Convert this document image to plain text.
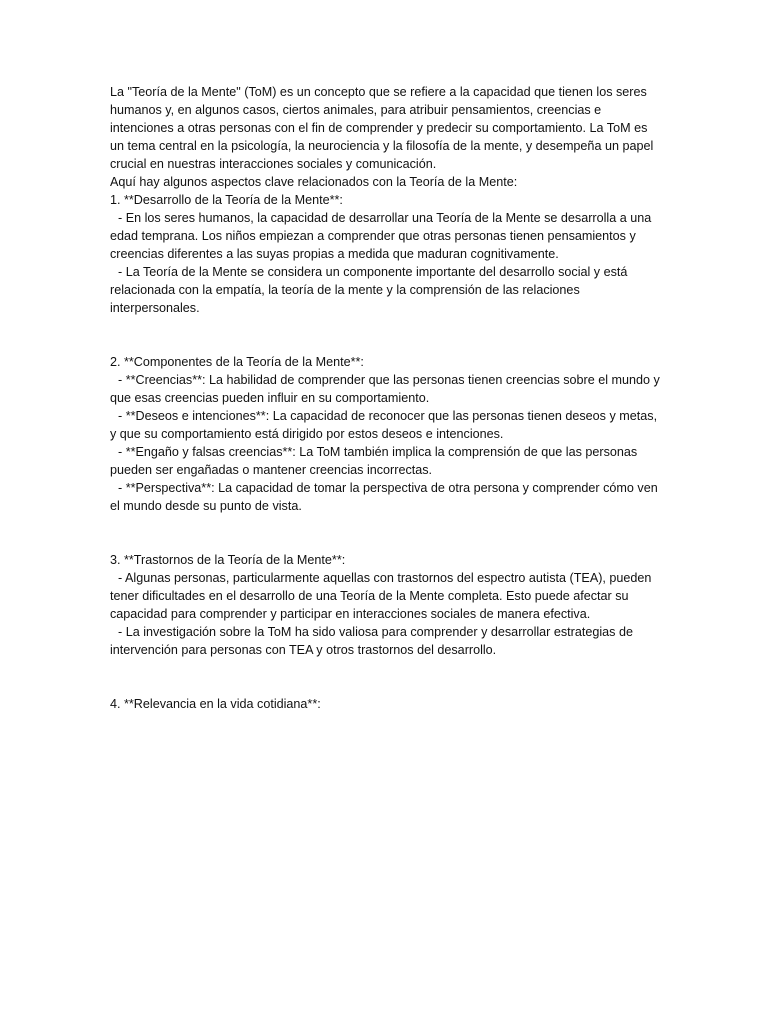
La "Teoría de la Mente" (ToM) es un concepto que se refiere a la capacidad que tienen los seres humanos y, en algunos casos, ciertos animales, para atribuir pensamientos, creencias e intenciones a otras personas con el fin de comprender y predecir su comportamiento. La ToM es un tema central en la psicología, la neurociencia y la filosofía de la mente, y desempeña un papel crucial en nuestras interacciones sociales y comunicación.

Aquí hay algunos aspectos clave relacionados con la Teoría de la Mente:

1. **Desarrollo de la Teoría de la Mente**:

- En los seres humanos, la capacidad de desarrollar una Teoría de la Mente se desarrolla a una edad temprana. Los niños empiezan a comprender que otras personas tienen pensamientos y creencias diferentes a las suyas propias a medida que maduran cognitivamente.

- La Teoría de la Mente se considera un componente importante del desarrollo social y está relacionada con la empatía, la teoría de la mente y la comprensión de las relaciones interpersonales.

2. **Componentes de la Teoría de la Mente**:

- **Creencias**: La habilidad de comprender que las personas tienen creencias sobre el mundo y que esas creencias pueden influir en su comportamiento.

- **Deseos e intenciones**: La capacidad de reconocer que las personas tienen deseos y metas, y que su comportamiento está dirigido por estos deseos e intenciones.

- **Engaño y falsas creencias**: La ToM también implica la comprensión de que las personas pueden ser engañadas o mantener creencias incorrectas.

- **Perspectiva**: La capacidad de tomar la perspectiva de otra persona y comprender cómo ven el mundo desde su punto de vista.

3. **Trastornos de la Teoría de la Mente**:

- Algunas personas, particularmente aquellas con trastornos del espectro autista (TEA), pueden tener dificultades en el desarrollo de una Teoría de la Mente completa. Esto puede afectar su capacidad para comprender y participar en interacciones sociales de manera efectiva.

- La investigación sobre la ToM ha sido valiosa para comprender y desarrollar estrategias de intervención para personas con TEA y otros trastornos del desarrollo.

4. **Relevancia en la vida cotidiana**:
